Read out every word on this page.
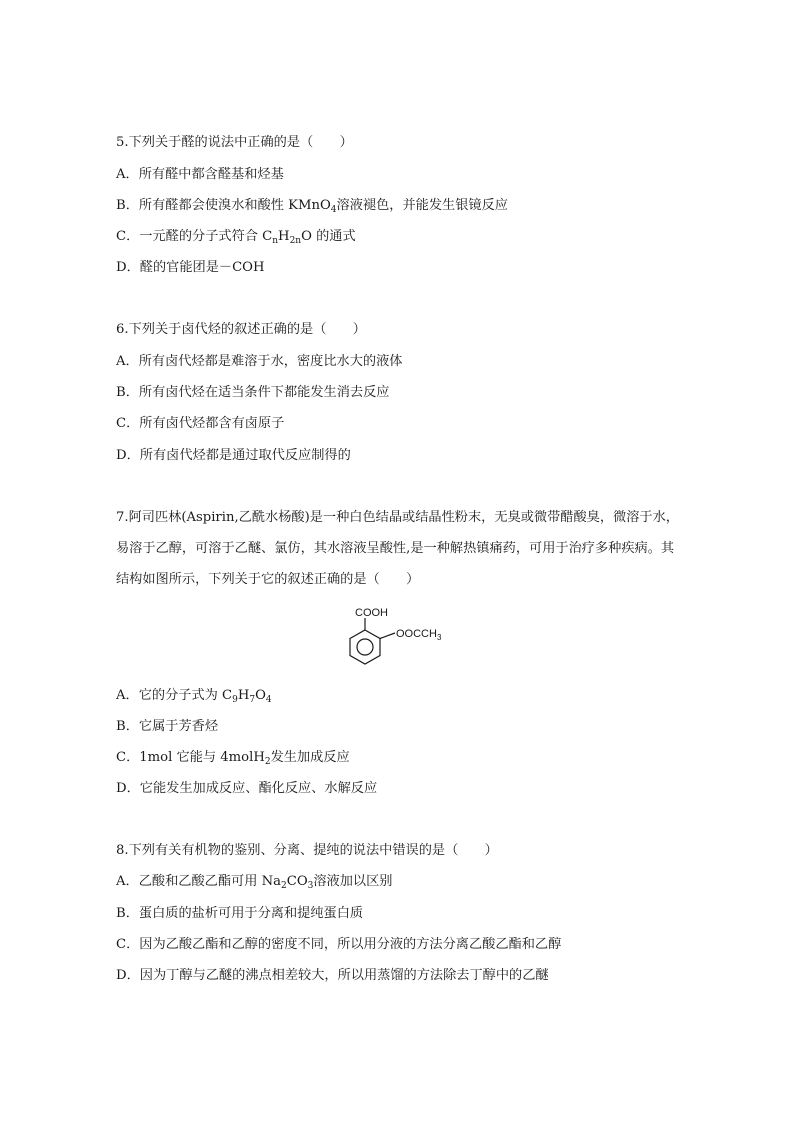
5.下列关于醛的说法中正确的是（　　）
A．所有醛中都含醛基和烃基
B．所有醛都会使溴水和酸性 KMnO$_4$溶液褪色，并能发生银镜反应
C．一元醛的分子式符合 $C_nH_{2n}O$ 的通式
D．醛的官能团是－COH
6.下列关于卤代烃的叙述正确的是（　　）
A．所有卤代烃都是难溶于水，密度比水大的液体
B．所有卤代烃在适当条件下都能发生消去反应
C．所有卤代烃都含有卤原子
D．所有卤代烃都是通过取代反应制得的
7.阿司匹林(Aspirin,乙酰水杨酸)是一种白色结晶或结晶性粉末，无臭或微带醋酸臭，微溶于水，易溶于乙醇，可溶于乙醚、氯仿，其水溶液呈酸性,是一种解热镇痛药，可用于治疗多种疾病。其结构如图所示，下列关于它的叙述正确的是（　　）
COOH
$OOCCH_3$
A．它的分子式为 $C_9H_7O_4$
B．它属于芳香烃
C．1mol 它能与 4molH$_2$发生加成反应
D．它能发生加成反应、酯化反应、水解反应
8.下列有关有机物的鉴别、分离、提纯的说法中错误的是（　　）
A．乙酸和乙酸乙酯可用 $Na_2CO_3$溶液加以区别
B．蛋白质的盐析可用于分离和提纯蛋白质
C．因为乙酸乙酯和乙醇的密度不同，所以用分液的方法分离乙酸乙酯和乙醇
D．因为丁醇与乙醚的沸点相差较大，所以用蒸馏的方法除去丁醇中的乙醚
